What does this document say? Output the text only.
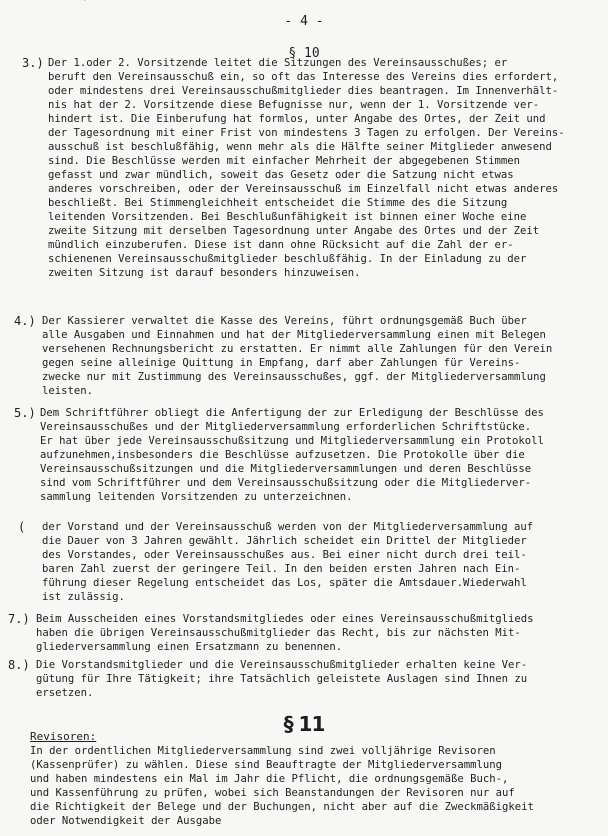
- 4 -
§ 10
3.) Der 1.oder 2. Vorsitzende leitet die Sitzungen des Vereinsausschußes; er
beruft den Vereinsausschuß ein, so oft das Interesse des Vereins dies erfordert,
oder mindestens drei Vereinsausschußmitglieder dies beantragen. Im Innenverhält-
nis hat der 2. Vorsitzende diese Befugnisse nur, wenn der 1. Vorsitzende ver-
hindert ist. Die Einberufung hat formlos, unter Angabe des Ortes, der Zeit und
der Tagesordnung mit einer Frist von mindestens 3 Tagen zu erfolgen. Der Vereins-
ausschuß ist beschlußfähig, wenn mehr als die Hälfte seiner Mitglieder anwesend
sind. Die Beschlüsse werden mit einfacher Mehrheit der abgegebenen Stimmen
gefasst und zwar mündlich, soweit das Gesetz oder die Satzung nicht etwas
anderes vorschreiben, oder der Vereinsausschuß im Einzelfall nicht etwas anderes
beschließt. Bei Stimmengleichheit entscheidet die Stimme des die Sitzung
leitenden Vorsitzenden. Bei Beschlußunfähigkeit ist binnen einer Woche eine
zweite Sitzung mit derselben Tagesordnung unter Angabe des Ortes und der Zeit
mündlich einzuberufen. Diese ist dann ohne Rücksicht auf die Zahl der er-
schienenen Vereinsausschußmitglieder beschlußfähig. In der Einladung zu der
zweiten Sitzung ist darauf besonders hinzuweisen.
4.) Der Kassierer verwaltet die Kasse des Vereins, führt ordnungsgemäß Buch über
alle Ausgaben und Einnahmen und hat der Mitgliederversammlung einen mit Belegen
versehenen Rechnungsbericht zu erstatten. Er nimmt alle Zahlungen für den Verein
gegen seine alleinige Quittung in Empfang, darf aber Zahlungen für Vereins-
zwecke nur mit Zustimmung des Vereinsausschußes, ggf. der Mitgliederversammlung
leisten.
5.) Dem Schriftführer obliegt die Anfertigung der zur Erledigung der Beschlüsse des
Vereinsausschußes und der Mitgliederversammlung erforderlichen Schriftstücke.
Er hat über jede Vereinsausschußsitzung und Mitgliederversammlung ein Protokoll
aufzunehmen,insbesonders die Beschlüsse aufzusetzen. Die Protokolle über die
Vereinsausschußsitzungen und die Mitgliederversammlungen und deren Beschlüsse
sind vom Schriftführer und dem Vereinsausschußsitzung oder die Mitgliederver-
sammlung leitenden Vorsitzenden zu unterzeichnen.
( der Vorstand und der Vereinsausschuß werden von der Mitgliederversammlung auf
die Dauer von 3 Jahren gewählt. Jährlich scheidet ein Drittel der Mitglieder
des Vorstandes, oder Vereinsausschußes aus. Bei einer nicht durch drei teil-
baren Zahl zuerst der geringere Teil. In den beiden ersten Jahren nach Ein-
führung dieser Regelung entscheidet das Los, später die Amtsdauer.Wiederwahl
ist zulässig.
7.) Beim Ausscheiden eines Vorstandsmitgliedes oder eines Vereinsausschußmitglieds
haben die übrigen Vereinsausschußmitglieder das Recht, bis zur nächsten Mit-
gliederversammlung einen Ersatzmann zu benennen.
8.) Die Vorstandsmitglieder und die Vereinsausschußmitglieder erhalten keine Ver-
gütung für Ihre Tätigkeit; ihre Tatsächlich geleistete Auslagen sind Ihnen zu
ersetzen.
§ 11
Revisoren:
In der ordentlichen Mitgliederversammlung sind zwei volljährige Revisoren
(Kassenprüfer) zu wählen. Diese sind Beauftragte der Mitgliederversammlung
und haben mindestens ein Mal im Jahr die Pflicht, die ordnungsgemäße Buch-,
und Kassenführung zu prüfen, wobei sich Beanstandungen der Revisoren nur auf
die Richtigkeit der Belege und der Buchungen, nicht aber auf die Zweckmäßigkeit
oder Notwendigkeit der Ausgabe
